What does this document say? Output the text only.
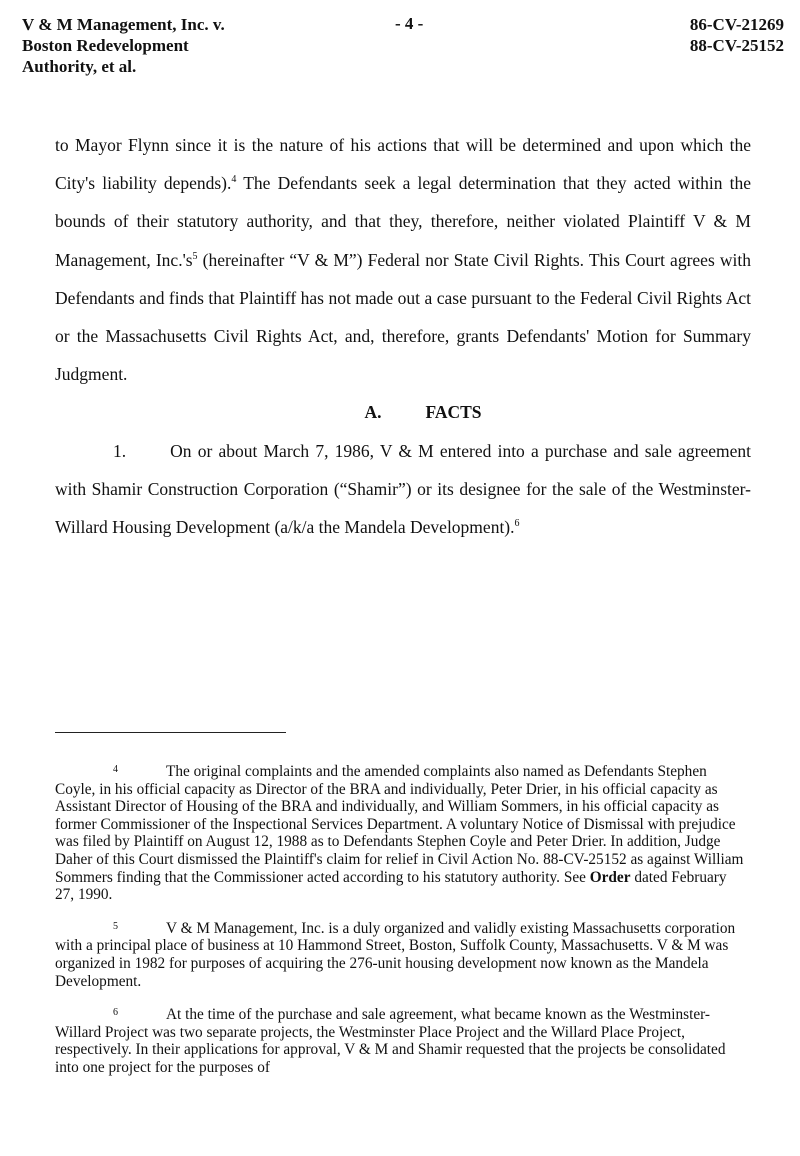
V & M Management, Inc. v.
Boston Redevelopment
Authority, et al.
- 4 -	86-CV-21269
88-CV-25152

to Mayor Flynn since it is the nature of his actions that will be determined and upon which the City's liability depends).$^4$ The Defendants seek a legal determination that they acted within the bounds of their statutory authority, and that they, therefore, neither violated Plaintiff V & M Management, $Inc.'s^5$ (hereinafter “V & M”) Federal nor State Civil Rights. This Court agrees with Defendants and finds that Plaintiff has not made out a case pursuant to the Federal Civil Rights Act or the Massachusetts Civil Rights Act, and, therefore, grants Defendants' Motion for Summary Judgment.

A.	FACTS

1.	On or about March 7, 1986, V & M entered into a purchase and sale agreement with Shamir Construction Corporation (“Shamir”) or its designee for the sale of the Westminster-Willard Housing Development (a/k/a the Mandela Development).$^6$

4	The original complaints and the amended complaints also named as Defendants Stephen Coyle, in his official capacity as Director of the BRA and individually, Peter Drier, in his official capacity as Assistant Director of Housing of the BRA and individually, and William Sommers, in his official capacity as former Commissioner of the Inspectional Services Department. A voluntary Notice of Dismissal with prejudice was filed by Plaintiff on August 12, 1988 as to Defendants Stephen Coyle and Peter Drier. In addition, Judge Daher of this Court dismissed the Plaintiff's claim for relief in Civil Action No. 88-CV-25152 as against William Sommers finding that the Commissioner acted according to his statutory authority. See Order dated February 27, 1990.

5	V & M Management, Inc. is a duly organized and validly existing Massachusetts corporation with a principal place of business at 10 Hammond Street, Boston, Suffolk County, Massachusetts. V & M was organized in 1982 for purposes of acquiring the 276-unit housing development now known as the Mandela Development.

6	At the time of the purchase and sale agreement, what became known as the Westminster-Willard Project was two separate projects, the Westminster Place Project and the Willard Place Project, respectively. In their applications for approval, V & M and Shamir requested that the projects be consolidated into one project for the purposes of
